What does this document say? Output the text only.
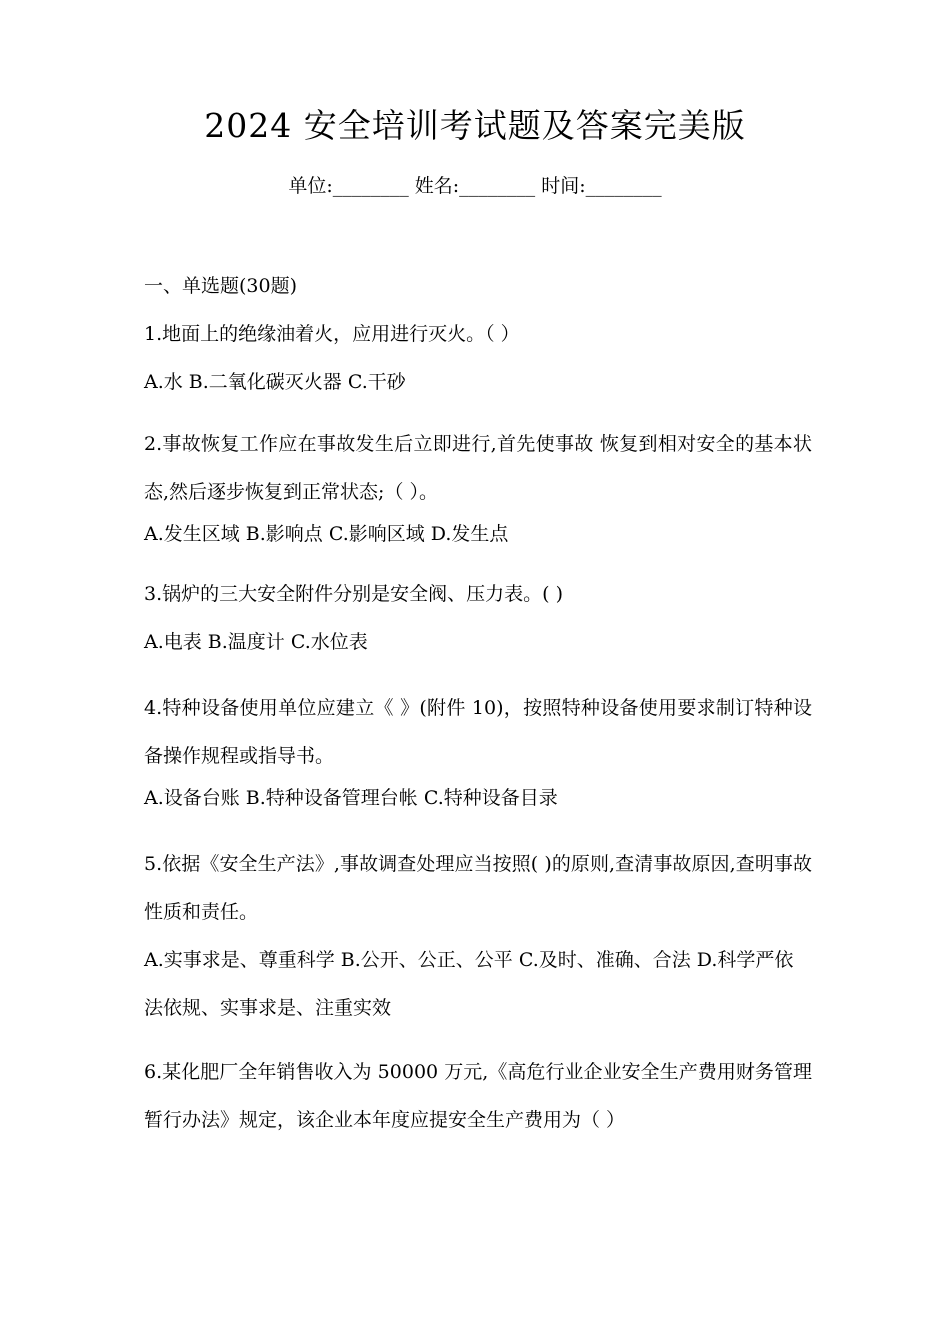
2024 安全培训考试题及答案完美版
单位:________ 姓名:________ 时间:________
一、单选题(30题)

1.地面上的绝缘油着火，应用进行灭火。（ ）

A.水 B.二氧化碳灭火器 C.干砂

2.事故恢复工作应在事故发生后立即进行,首先使事故 恢复到相对安全的基本状态,然后逐步恢复到正常状态;（ ）。

A.发生区域 B.影响点 C.影响区域 D.发生点

3.锅炉的三大安全附件分别是安全阀、压力表。( )

A.电表 B.温度计 C.水位表

4.特种设备使用单位应建立《 》(附件 10)，按照特种设备使用要求制订特种设备操作规程或指导书。

A.设备台账 B.特种设备管理台帐 C.特种设备目录

5.依据《安全生产法》,事故调查处理应当按照( )的原则,查清事故原因,查明事故性质和责任。

A.实事求是、尊重科学 B.公开、公正、公平 C.及时、准确、合法 D.科学严依法依规、实事求是、注重实效

6.某化肥厂全年销售收入为 50000 万元,《高危行业企业安全生产费用财务管理暂行办法》规定，该企业本年度应提安全生产费用为（ ）
